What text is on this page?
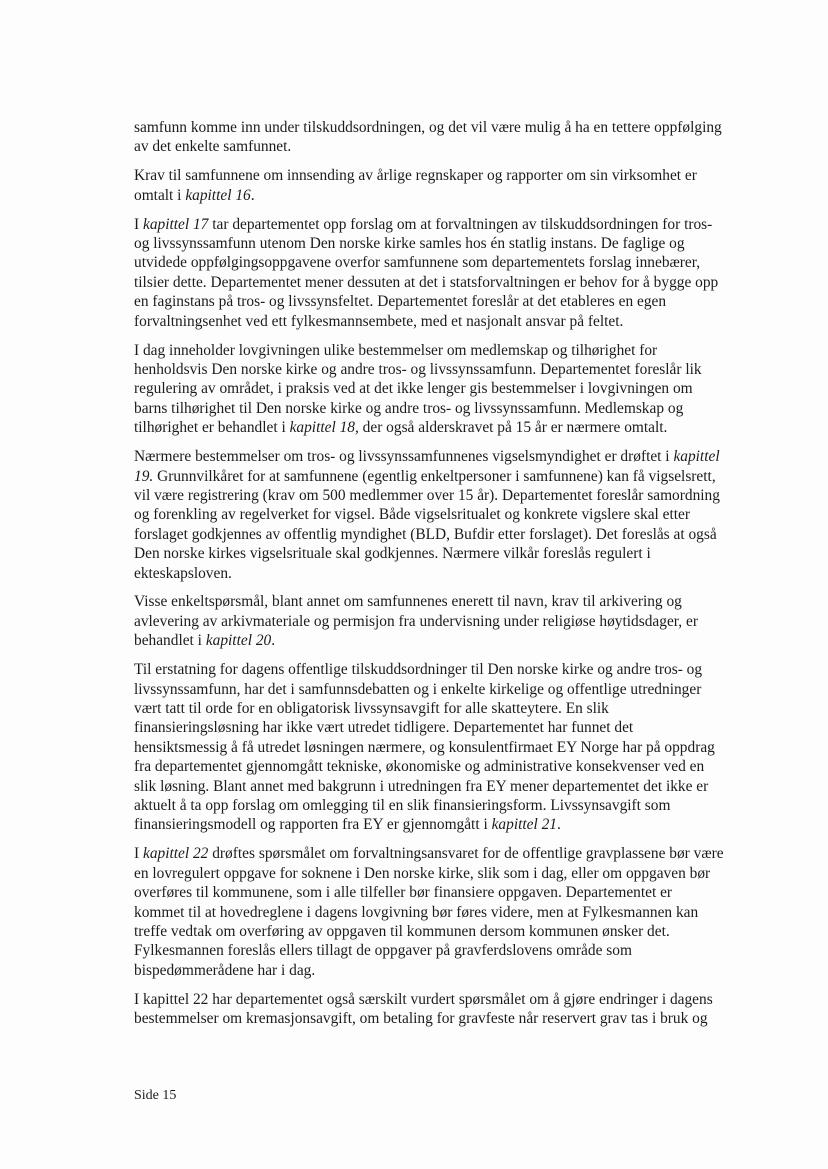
samfunn komme inn under tilskuddsordningen, og det vil være mulig å ha en tettere oppfølging av det enkelte samfunnet.

Krav til samfunnene om innsending av årlige regnskaper og rapporter om sin virksomhet er omtalt i kapittel 16.

I kapittel 17 tar departementet opp forslag om at forvaltningen av tilskuddsordningen for tros- og livssynssamfunn utenom Den norske kirke samles hos én statlig instans. De faglige og utvidede oppfølgingsoppgavene overfor samfunnene som departementets forslag innebærer, tilsier dette. Departementet mener dessuten at det i statsforvaltningen er behov for å bygge opp en faginstans på tros- og livssynsfeltet. Departementet foreslår at det etableres en egen forvaltningsenhet ved ett fylkesmannsembete, med et nasjonalt ansvar på feltet.

I dag inneholder lovgivningen ulike bestemmelser om medlemskap og tilhørighet for henholdsvis Den norske kirke og andre tros- og livssynssamfunn. Departementet foreslår lik regulering av området, i praksis ved at det ikke lenger gis bestemmelser i lovgivningen om barns tilhørighet til Den norske kirke og andre tros- og livssynssamfunn. Medlemskap og tilhørighet er behandlet i kapittel 18, der også alderskravet på 15 år er nærmere omtalt.

Nærmere bestemmelser om tros- og livssynssamfunnenes vigselsmyndighet er drøftet i kapittel 19. Grunnvilkåret for at samfunnene (egentlig enkeltpersoner i samfunnene) kan få vigselsrett, vil være registrering (krav om 500 medlemmer over 15 år). Departementet foreslår samordning og forenkling av regelverket for vigsel. Både vigselsritualet og konkrete vigslere skal etter forslaget godkjennes av offentlig myndighet (BLD, Bufdir etter forslaget). Det foreslås at også Den norske kirkes vigselsrituale skal godkjennes. Nærmere vilkår foreslås regulert i ekteskapsloven.

Visse enkeltspørsmål, blant annet om samfunnenes enerett til navn, krav til arkivering og avlevering av arkivmateriale og permisjon fra undervisning under religiøse høytidsdager, er behandlet i kapittel 20.

Til erstatning for dagens offentlige tilskuddsordninger til Den norske kirke og andre tros- og livssynssamfunn, har det i samfunnsdebatten og i enkelte kirkelige og offentlige utredninger vært tatt til orde for en obligatorisk livssynsavgift for alle skatteytere. En slik finansieringsløsning har ikke vært utredet tidligere. Departementet har funnet det hensiktsmessig å få utredet løsningen nærmere, og konsulentfirmaet EY Norge har på oppdrag fra departementet gjennomgått tekniske, økonomiske og administrative konsekvenser ved en slik løsning. Blant annet med bakgrunn i utredningen fra EY mener departementet det ikke er aktuelt å ta opp forslag om omlegging til en slik finansieringsform. Livssynsavgift som finansieringsmodell og rapporten fra EY er gjennomgått i kapittel 21.

I kapittel 22 drøftes spørsmålet om forvaltningsansvaret for de offentlige gravplassene bør være en lovregulert oppgave for soknene i Den norske kirke, slik som i dag, eller om oppgaven bør overføres til kommunene, som i alle tilfeller bør finansiere oppgaven. Departementet er kommet til at hovedreglene i dagens lovgivning bør føres videre, men at Fylkesmannen kan treffe vedtak om overføring av oppgaven til kommunen dersom kommunen ønsker det. Fylkesmannen foreslås ellers tillagt de oppgaver på gravferdslovens område som bispedømmerådene har i dag.

I kapittel 22 har departementet også særskilt vurdert spørsmålet om å gjøre endringer i dagens bestemmelser om kremasjonsavgift, om betaling for gravfeste når reservert grav tas i bruk og

Side 15
